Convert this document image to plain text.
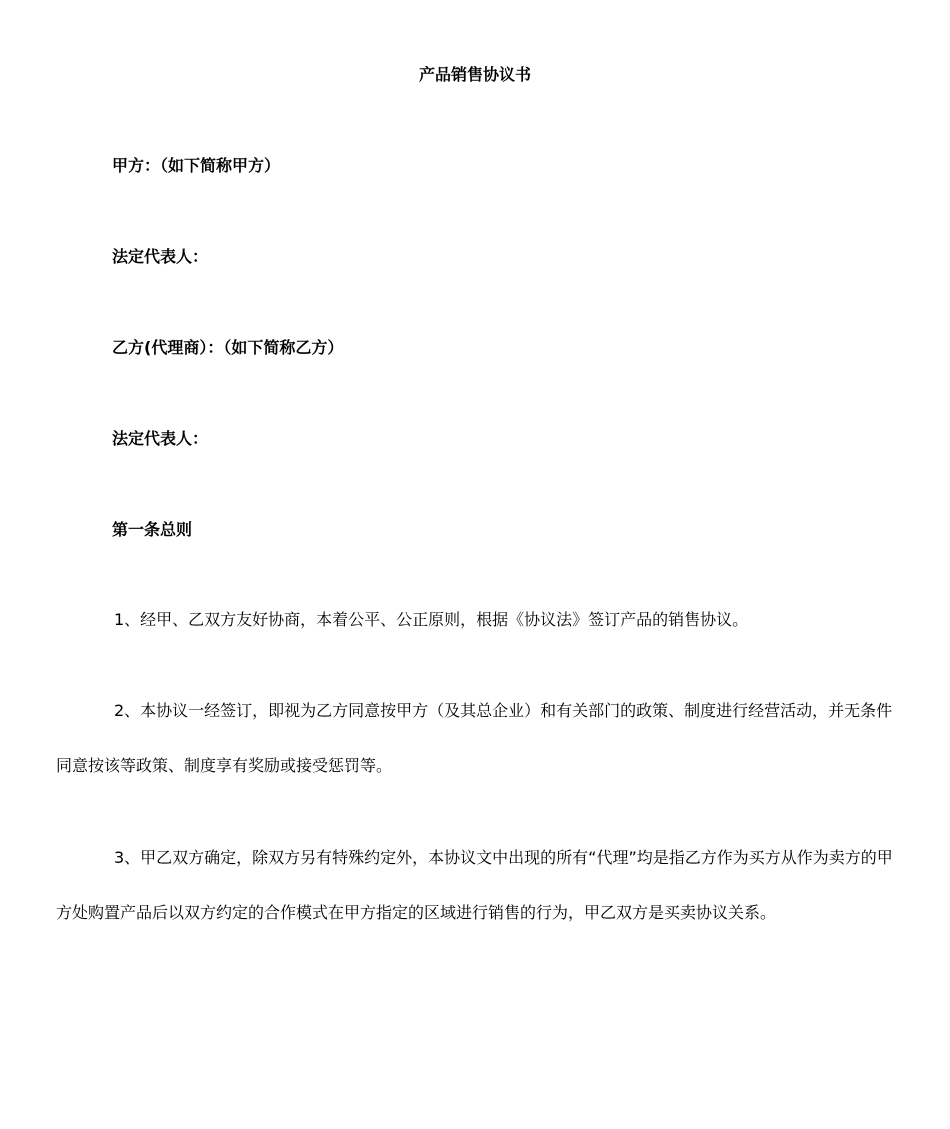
产品销售协议书

甲方：（如下简称甲方）

法定代表人：

乙方(代理商）：（如下简称乙方）

法定代表人：

第一条总则

1、经甲、乙双方友好协商，本着公平、公正原则，根据《协议法》签订产品的销售协议。

2、本协议一经签订，即视为乙方同意按甲方（及其总企业）和有关部门的政策、制度进行经营活动，并无条件同意按该等政策、制度享有奖励或接受惩罚等。

3、甲乙双方确定，除双方另有特殊约定外，本协议文中出现的所有“代理”均是指乙方作为买方从作为卖方的甲方处购置产品后以双方约定的合作模式在甲方指定的区域进行销售的行为，甲乙双方是买卖协议关系。
